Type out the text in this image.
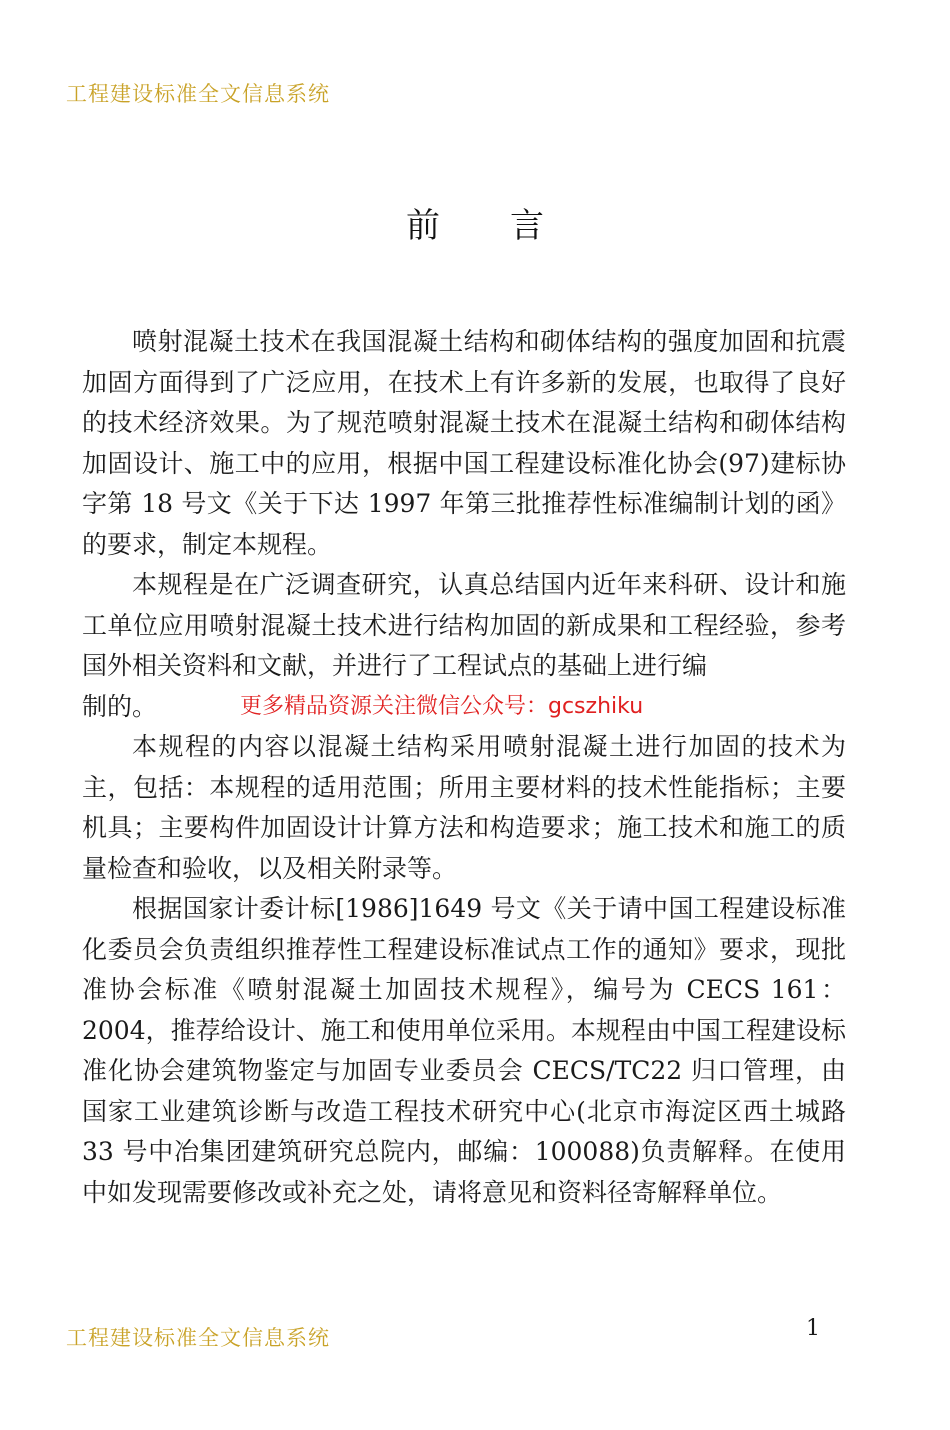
工程建设标准全文信息系统
前言

喷射混凝土技术在我国混凝土结构和砌体结构的强度加固和抗震加固方面得到了广泛应用，在技术上有许多新的发展，也取得了良好的技术经济效果。为了规范喷射混凝土技术在混凝土结构和砌体结构加固设计、施工中的应用，根据中国工程建设标准化协会(97)建标协字第 18 号文《关于下达 1997 年第三批推荐性标准编制计划的函》的要求，制定本规程。

本规程是在广泛调查研究，认真总结国内近年来科研、设计和施工单位应用喷射混凝土技术进行结构加固的新成果和工程经验，参考国外相关资料和文献，并进行了工程试点的基础上进行编

制的。	更多精品资源关注微信公众号：gcszhiku

本规程的内容以混凝土结构采用喷射混凝土进行加固的技术为主，包括：本规程的适用范围；所用主要材料的技术性能指标；主要机具；主要构件加固设计计算方法和构造要求；施工技术和施工的质量检查和验收，以及相关附录等。

根据国家计委计标[1986]1649 号文《关于请中国工程建设标准化委员会负责组织推荐性工程建设标准试点工作的通知》要求，现批准协会标准《喷射混凝土加固技术规程》，编号为 CECS 161：2004，推荐给设计、施工和使用单位采用。本规程由中国工程建设标准化协会建筑物鉴定与加固专业委员会 CECS/TC22 归口管理，由国家工业建筑诊断与改造工程技术研究中心(北京市海淀区西土城路 33 号中冶集团建筑研究总院内，邮编：100088)负责解释。在使用中如发现需要修改或补充之处，请将意见和资料径寄解释单位。

工程建设标准全文信息系统	1
